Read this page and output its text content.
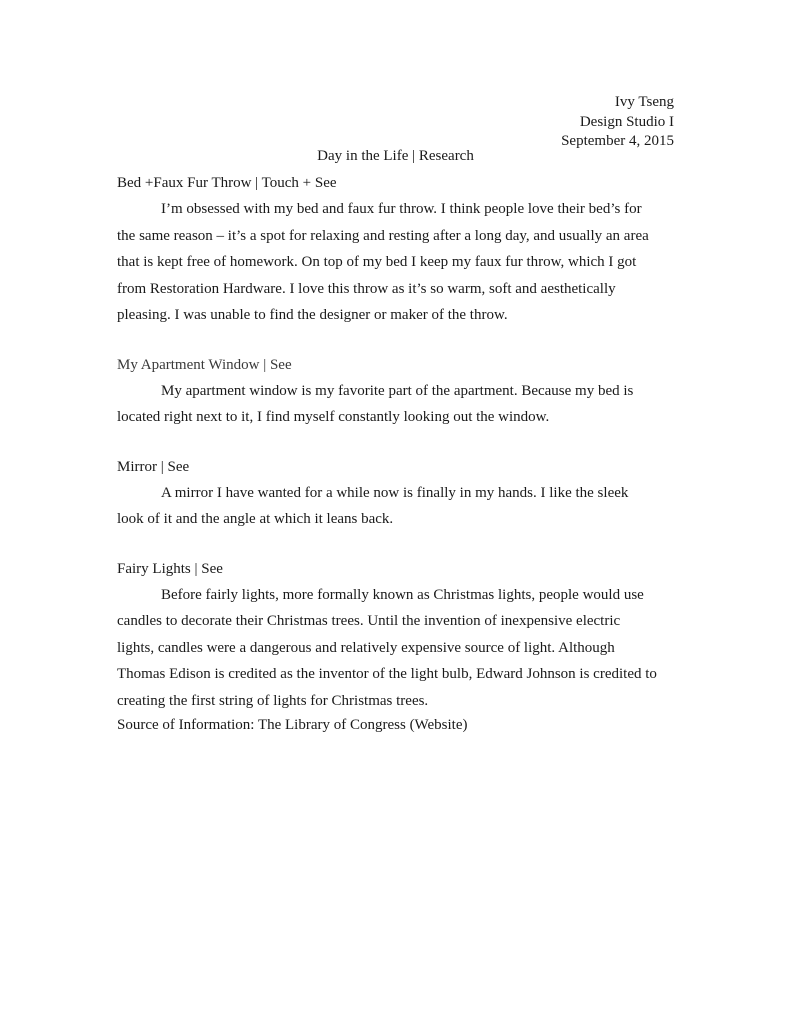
Ivy Tseng
Design Studio I
September 4, 2015
Day in the Life | Research
Bed +Faux Fur Throw | Touch + See

I’m obsessed with my bed and faux fur throw. I think people love their bed’s for
the same reason – it’s a spot for relaxing and resting after a long day, and usually an area
that is kept free of homework. On top of my bed I keep my faux fur throw, which I got
from Restoration Hardware. I love this throw as it’s so warm, soft and aesthetically
pleasing. I was unable to find the designer or maker of the throw.

My Apartment Window | See

My apartment window is my favorite part of the apartment. Because my bed is
located right next to it, I find myself constantly looking out the window.

Mirror | See

A mirror I have wanted for a while now is finally in my hands. I like the sleek
look of it and the angle at which it leans back.

Fairy Lights | See

Before fairly lights, more formally known as Christmas lights, people would use
candles to decorate their Christmas trees. Until the invention of inexpensive electric
lights, candles were a dangerous and relatively expensive source of light. Although
Thomas Edison is credited as the inventor of the light bulb, Edward Johnson is credited to
creating the first string of lights for Christmas trees.

Source of Information: The Library of Congress (Website)
